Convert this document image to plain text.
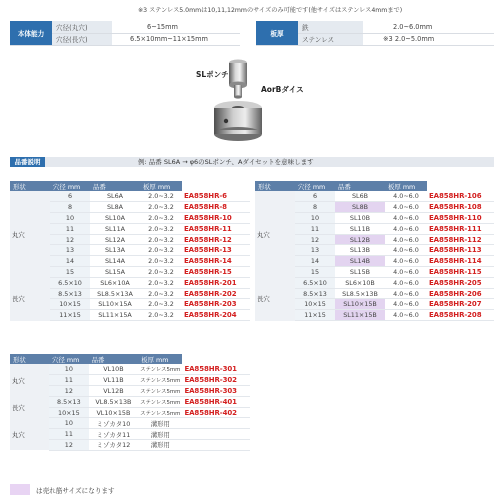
※3 ステンレス5.0mmは10,11,12mmのサイズのみ可能です(他サイズはステンレス4mmまで)
本体能力	穴径(丸穴)	6~15mm
	穴径(長穴)	6.5×10mm~11×15mm
板厚	鉄	2.0~6.0mm
	ステンレス	※3 2.0~5.0mm
SLポンチ
AorBダイス
品番説明	例: 品番 SL6A → φ6のSLポンチ、Aダイセットを意味します
形状	穴径 mm	品番	板厚 mm	
丸穴	6	SL6A	2.0~3.2	EA858HR-6
	8	SL8A	2.0~3.2	EA858HR-8
	10	SL10A	2.0~3.2	EA858HR-10
	11	SL11A	2.0~3.2	EA858HR-11
	12	SL12A	2.0~3.2	EA858HR-12
	13	SL13A	2.0~3.2	EA858HR-13
	14	SL14A	2.0~3.2	EA858HR-14
	15	SL15A	2.0~3.2	EA858HR-15
長穴	6.5×10	SL6×10A	2.0~3.2	EA858HR-201
	8.5×13	SL8.5×13A	2.0~3.2	EA858HR-202
	10×15	SL10×15A	2.0~3.2	EA858HR-203
	11×15	SL11×15A	2.0~3.2	EA858HR-204
形状	穴径 mm	品番	板厚 mm	
丸穴	6	SL6B	4.0~6.0	EA858HR-106
	8	SL8B	4.0~6.0	EA858HR-108
	10	SL10B	4.0~6.0	EA858HR-110
	11	SL11B	4.0~6.0	EA858HR-111
	12	SL12B	4.0~6.0	EA858HR-112
	13	SL13B	4.0~6.0	EA858HR-113
	14	SL14B	4.0~6.0	EA858HR-114
	15	SL15B	4.0~6.0	EA858HR-115
長穴	6.5×10	SL6×10B	4.0~6.0	EA858HR-205
	8.5×13	SL8.5×13B	4.0~6.0	EA858HR-206
	10×15	SL10×15B	4.0~6.0	EA858HR-207
	11×15	SL11×15B	4.0~6.0	EA858HR-208
形状	穴径 mm	品番	板厚 mm	
丸穴	10	VL10B	ステンレス5mm	EA858HR-301
	11	VL11B	ステンレス5mm	EA858HR-302
	12	VL12B	ステンレス5mm	EA858HR-303
長穴	8.5×13	VL8.5×13B	ステンレス5mm	EA858HR-401
	10×15	VL10×15B	ステンレス5mm	EA858HR-402
丸穴	10	ミゾカタ10	溝形用	
	11	ミゾカタ11	溝形用	
	12	ミゾカタ12	溝形用	
は売れ筋サイズになります
